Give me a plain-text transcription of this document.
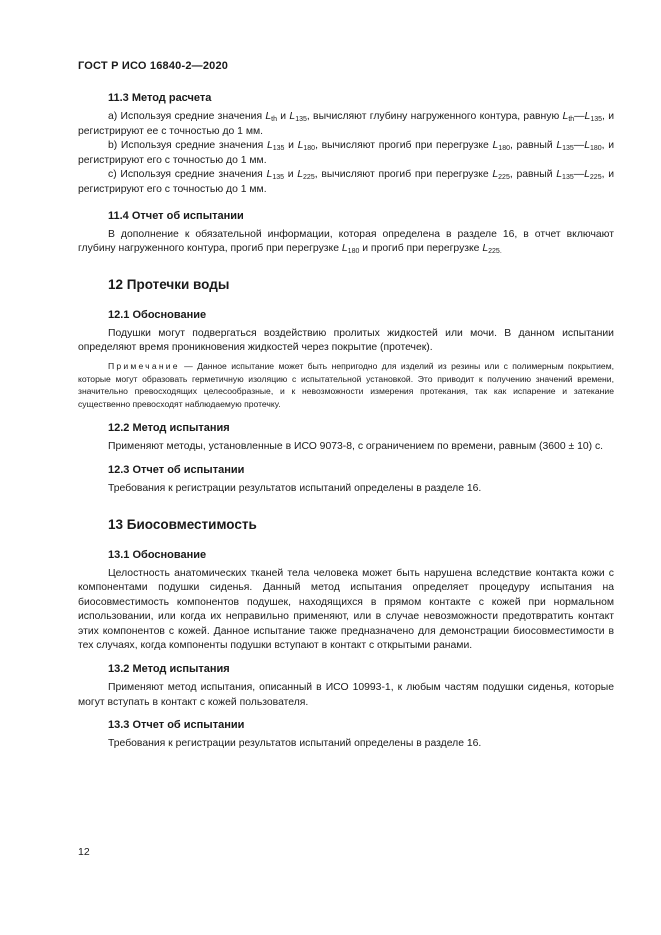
ГОСТ Р ИСО 16840-2—2020
11.3 Метод расчета

а) Используя средние значения $L_{th}$ и $L_{135}$, вычисляют глубину нагруженного контура, равную $L_{th}—L_{135}$, и регистрируют ее с точностью до 1 мм.

b) Используя средние значения $L_{135}$ и $L_{180}$, вычисляют прогиб при перегрузке $L_{180}$, равный $L_{135}—L_{180}$, и регистрируют его с точностью до 1 мм.

с) Используя средние значения $L_{135}$ и $L_{225}$, вычисляют прогиб при перегрузке $L_{225}$, равный $L_{135}—L_{225}$, и регистрируют его с точностью до 1 мм.

11.4 Отчет об испытании

В дополнение к обязательной информации, которая определена в разделе 16, в отчет включают глубину нагруженного контура, прогиб при перегрузке $L_{180}$ и прогиб при перегрузке $L_{225.}$

12 Протечки воды
12.1 Обоснование

Подушки могут подвергаться воздействию пролитых жидкостей или мочи. В данном испытании определяют время проникновения жидкостей через покрытие (протечек).

Примечание — Данное испытание может быть непригодно для изделий из резины или с полимерным покрытием, которые могут образовать герметичную изоляцию с испытательной установкой. Это приводит к получению значений времени, значительно превосходящих целесообразные, и к невозможности измерения протекания, так как испарение и затекание существенно превосходят наблюдаемую протечку.
12.2 Метод испытания

Применяют методы, установленные в ИСО 9073-8, с ограничением по времени, равным (3600 ± 10) с.

12.3 Отчет об испытании

Требования к регистрации результатов испытаний определены в разделе 16.

13 Биосовместимость
13.1 Обоснование

Целостность анатомических тканей тела человека может быть нарушена вследствие контакта кожи с компонентами подушки сиденья. Данный метод испытания определяет процедуру испытания на биосовместимость компонентов подушек, находящихся в прямом контакте с кожей при нормальном использовании, или когда их неправильно применяют, или в случае невозможности предотвратить контакт этих компонентов с кожей. Данное испытание также предназначено для демонстрации биосовместимости в тех случаях, когда компоненты подушки вступают в контакт с открытыми ранами.

13.2 Метод испытания

Применяют метод испытания, описанный в ИСО 10993-1, к любым частям подушки сиденья, которые могут вступать в контакт с кожей пользователя.

13.3 Отчет об испытании

Требования к регистрации результатов испытаний определены в разделе 16.

12
